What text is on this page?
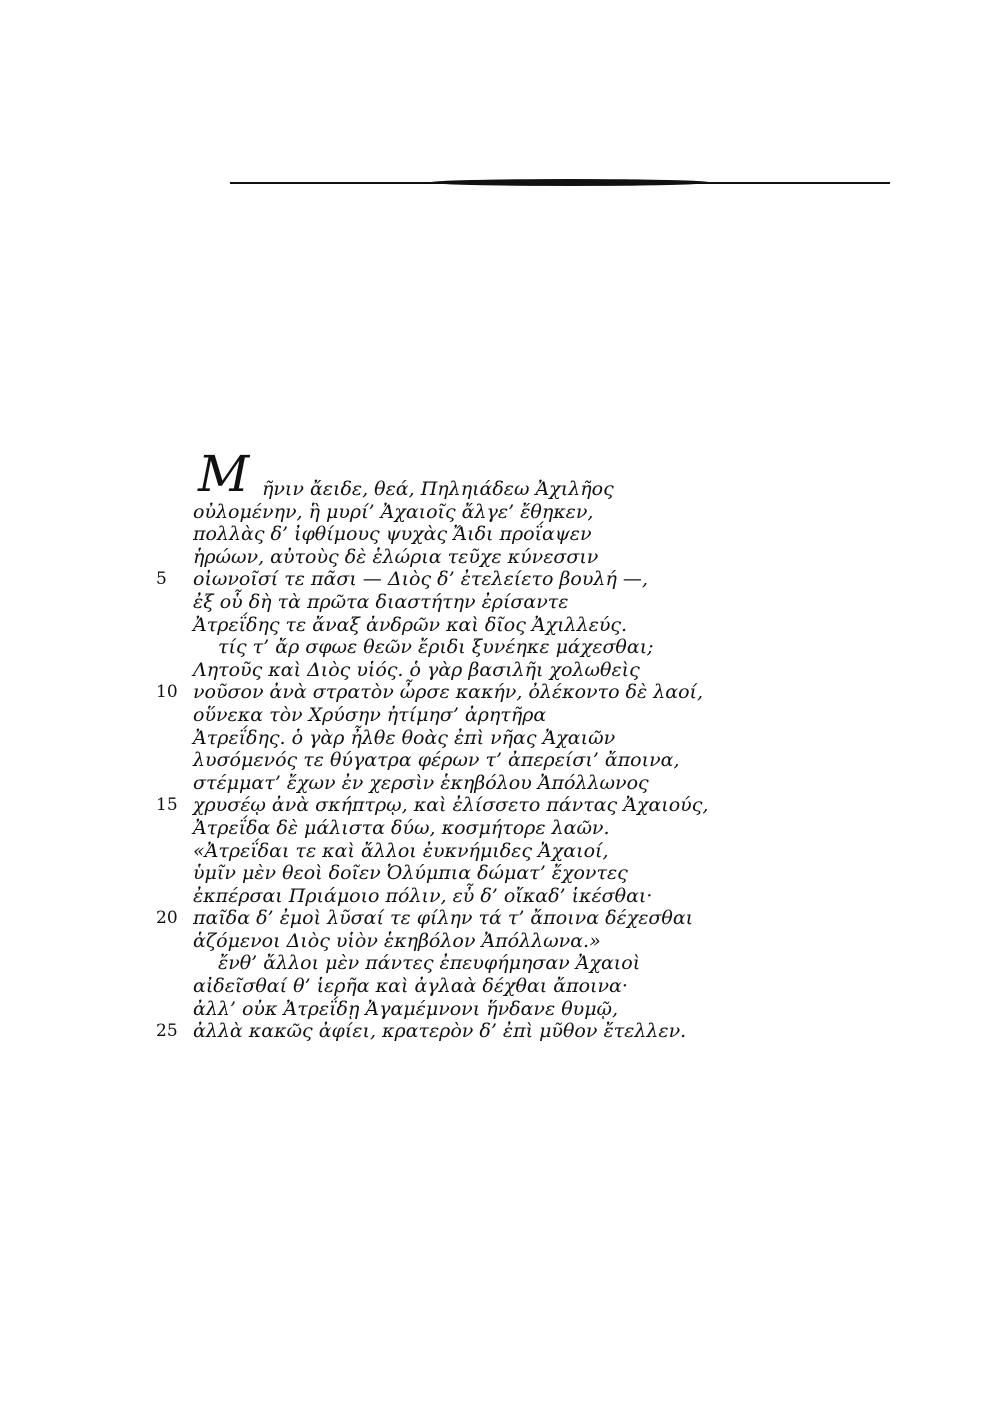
M ῆνιν ἄειδε, θεά, Πηληιάδεω Ἀχιλῆος
οὐλομένην, ἣ μυρί’ Ἀχαιοῖς ἄλγε’ ἔθηκεν,
πολλὰς δ’ ἰφθίμους ψυχὰς Ἄιδι προΐαψεν
ἡρώων, αὐτοὺς δὲ ἑλώρια τεῦχε κύνεσσιν
5 οἰωνοῖσί τε πᾶσι — Διὸς δ’ ἐτελείετο βουλή —,
ἐξ οὗ δὴ τὰ πρῶτα διαστήτην ἐρίσαντε
Ἀτρεΐδης τε ἄναξ ἀνδρῶν καὶ δῖος Ἀχιλλεύς.
τίς τ’ ἄρ σφωε θεῶν ἔριδι ξυνέηκε μάχεσθαι;
Λητοῦς καὶ Διὸς υἱός. ὁ γὰρ βασιλῆι χολωθεὶς
10 νοῦσον ἀνὰ στρατὸν ὦρσε κακήν, ὀλέκοντο δὲ λαοί,
οὕνεκα τὸν Χρύσην ἠτίμησ’ ἀρητῆρα
Ἀτρεΐδης. ὁ γὰρ ἦλθε θοὰς ἐπὶ νῆας Ἀχαιῶν
λυσόμενός τε θύγατρα φέρων τ’ ἀπερείσι’ ἄποινα,
στέμματ’ ἔχων ἐν χερσὶν ἑκηβόλου Ἀπόλλωνος
15 χρυσέῳ ἀνὰ σκήπτρῳ, καὶ ἐλίσσετο πάντας Ἀχαιούς,
Ἀτρεΐδα δὲ μάλιστα δύω, κοσμήτορε λαῶν.
«Ἀτρεΐδαι τε καὶ ἄλλοι ἐυκνήμιδες Ἀχαιοί,
ὑμῖν μὲν θεοὶ δοῖεν Ὀλύμπια δώματ’ ἔχοντες
ἐκπέρσαι Πριάμοιο πόλιν, εὖ δ’ οἴκαδ’ ἱκέσθαι·
20 παῖδα δ’ ἐμοὶ λῦσαί τε φίλην τά τ’ ἄποινα δέχεσθαι
ἁζόμενοι Διὸς υἱὸν ἑκηβόλον Ἀπόλλωνα.»
ἔνθ’ ἄλλοι μὲν πάντες ἐπευφήμησαν Ἀχαιοὶ
αἰδεῖσθαί θ’ ἱερῆα καὶ ἀγλαὰ δέχθαι ἄποινα·
ἀλλ’ οὐκ Ἀτρεΐδῃ Ἀγαμέμνονι ἥνδανε θυμῷ,
25 ἀλλὰ κακῶς ἀφίει, κρατερὸν δ’ ἐπὶ μῦθον ἔτελλεν.
